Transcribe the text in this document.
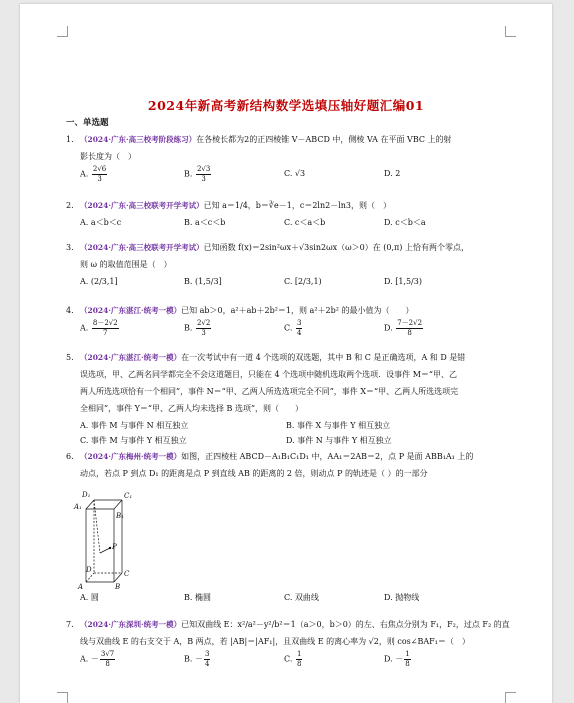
2024年新高考新结构数学选填压轴好题汇编01
一、单选题
1. （2024·广东·高三校考阶段练习）在各棱长都为2的正四棱锥 V－ABCD 中，侧棱 VA 在平面 VBC 上的射
影长度为（　）
A. $\frac{2√6}{3}$	B. $\frac{2√3}{3}$	C. √3	D. 2
2. （2024·广东·高三校联考开学考试）已知 a＝1/4，b＝∛e－1，c＝2ln2－ln3，则（　）
A. a＜b＜c	B. a＜c＜b	C. c＜a＜b	D. c＜b＜a
3. （2024·广东·高三校联考开学考试）已知函数 f(x)＝2sin²ωx＋√3sin2ωx（ω＞0）在 (0,π) 上恰有两个零点，
则 ω 的取值范围是（　）
A. (2/3,1]	B. (1,5/3]	C. [2/3,1)	D. [1,5/3)
4. （2024·广东湛江·统考一模）已知 ab＞0，a²＋ab＋2b²＝1，则 a²＋2b² 的最小值为（　　）
A. $\frac{8-2√2}{7}$	B. $\frac{2√2}{3}$	C. $\frac{3}{4}$	D. $\frac{7-2√2}{8}$
5. （2024·广东湛江·统考一模）在一次考试中有一道 4 个选项的双选题，其中 B 和 C 是正确选项，A 和 D 是错
误选项，甲、乙两名同学都完全不会这道题目，只能在 4 个选项中随机选取两个选项．设事件 M＝“甲、乙
两人所选选项恰有一个相同”，事件 N＝“甲、乙两人所选选项完全不同”，事件 X＝“甲、乙两人所选选项完
全相同”，事件 Y＝“甲、乙两人均未选择 B 选项”，则（　　）
A. 事件 M 与事件 N 相互独立	B. 事件 X 与事件 Y 相互独立
C. 事件 M 与事件 Y 相互独立	D. 事件 N 与事件 Y 相互独立
6. （2024·广东梅州·统考一模）如图，正四棱柱 ABCD－A₁B₁C₁D₁ 中，AA₁＝2AB＝2，点 P 是面 ABB₁A₁ 上的
动点，若点 P 到点 D₁ 的距离是点 P 到直线 AB 的距离的 2 倍，则动点 P 的轨迹是（ ）的一部分
A₁
B₁
C₁
D₁
A	B
C
D
P
A. 圆	B. 椭圆	C. 双曲线	D. 抛物线
7. （2024·广东深圳·统考一模）已知双曲线 E：x²/a²－y²/b²＝1（a＞0，b＞0）的左、右焦点分别为 F₁，F₂，过点 F₂ 的直
线与双曲线 E 的右支交于 A，B 两点，若 |AB|＝|AF₁|，且双曲线 E 的离心率为 √2，则 cos∠BAF₁＝（　）
A. － $\frac{3√7}{8}$	B. － $\frac{3}{4}$	C. $\frac{1}{8}$	D. － $\frac{1}{8}$
